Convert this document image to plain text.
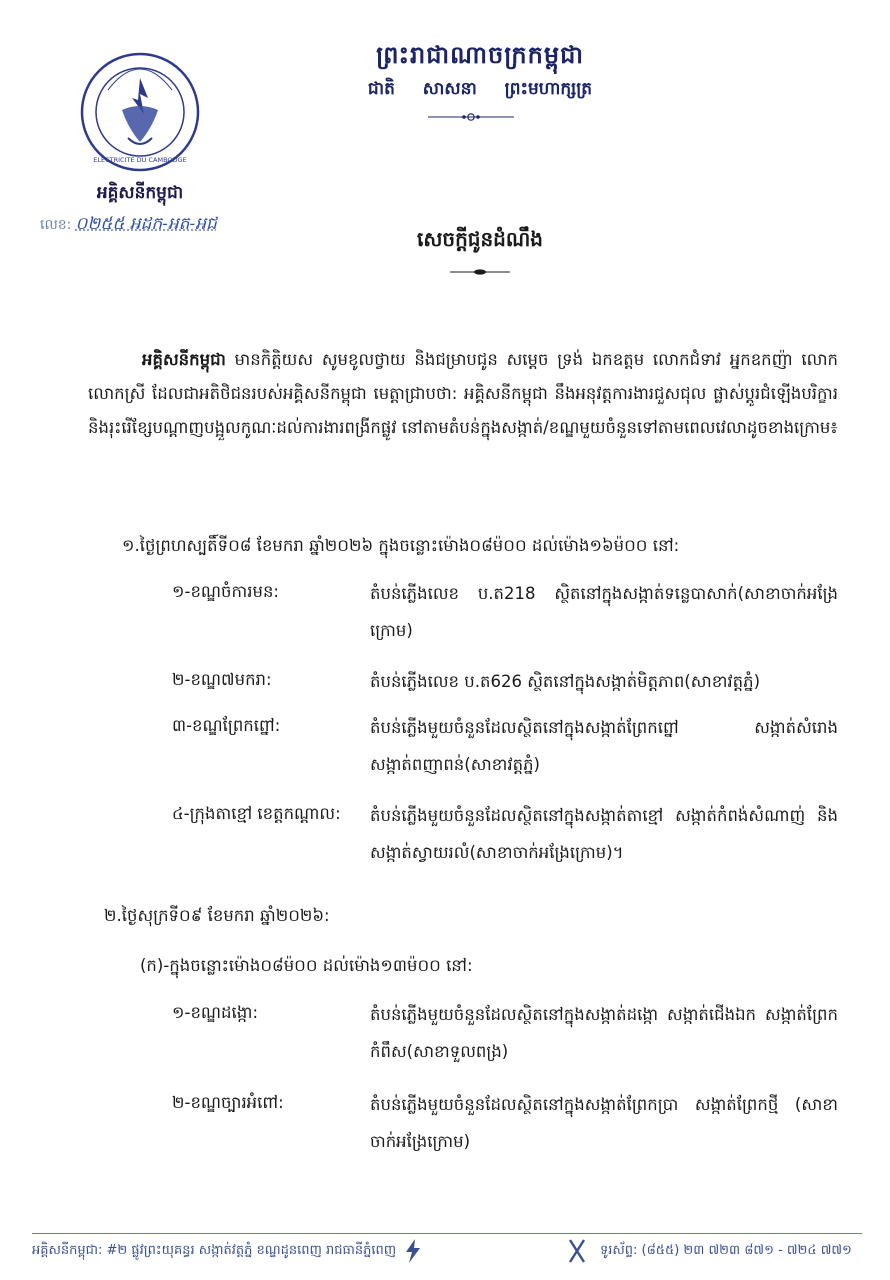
ELECTRICITE DU CAMBODGE
អគ្គិសនីកម្ពុជា
លេខ: ០២៥៥ អដក-អត-អជ
ព្រះរាជាណាចក្រកម្ពុជា
ជាតិ សាសនា ព្រះមហាក្សត្រ
សេចក្តីជូនដំណឹង
អគ្គិសនីកម្ពុជា មានកិត្តិយស សូមខូលថ្វាយ និងជម្រាបជូន សម្តេច ទ្រង់ ឯកឧត្តម លោកជំទាវ អ្នកឧកញ៉ា លោក លោកស្រី ដែលជាអតិថិជនរបស់អគ្គិសនីកម្ពុជា មេត្តាជ្រាបថា: អគ្គិសនីកម្ពុជា នឹងអនុវត្តការងារជួសជុល ផ្លាស់ប្តូរជំឡើងបរិក្ខារ និងរុះរើខ្សែបណ្តាញបង្អួលកូណៈដល់ការងារពង្រីកផ្លូវ នៅតាមតំបន់ក្នុងសង្កាត់/ខណ្ឌមួយចំនួនទៅតាមពេលវេលាដូចខាងក្រោម៖
១.ថ្ងៃព្រហស្បតិ៍ទី០៨ ខែមករា ឆ្នាំ២០២៦ ក្នុងចន្លោះម៉ោង០៨ម៉០០ ដល់ម៉ោង១៦ម៉០០ នៅ:
១-ខណ្ឌចំការមន:	តំបន់ភ្លើងលេខ ប.ត218 ស្ថិតនៅក្នុងសង្កាត់ទន្លេបាសាក់(សាខាចាក់អង្រែក្រោម)
២-ខណ្ឌ៧មករា:	តំបន់ភ្លើងលេខ ប.ត626 ស្ថិតនៅក្នុងសង្កាត់មិត្តភាព(សាខាវត្តភ្នំ)
៣-ខណ្ឌព្រែកព្នៅ:	តំបន់ភ្លើងមួយចំនួនដែលស្ថិតនៅក្នុងសង្កាត់ព្រែកព្នៅ សង្កាត់សំរោង សង្កាត់ពញាពន់(សាខាវត្តភ្នំ)
៤-ក្រុងតាខ្មៅ ខេត្តកណ្តាល:	តំបន់ភ្លើងមួយចំនួនដែលស្ថិតនៅក្នុងសង្កាត់តាខ្មៅ សង្កាត់កំពង់សំណាញ់ និងសង្កាត់ស្វាយរលំ(សាខាចាក់អង្រែក្រោម)។
២.ថ្ងៃសុក្រទី០៩ ខែមករា ឆ្នាំ២០២៦:
(ក)-ក្នុងចន្លោះម៉ោង០៨ម៉០០ ដល់ម៉ោង១៣ម៉០០ នៅ:
១-ខណ្ឌដង្កោ:	តំបន់ភ្លើងមួយចំនួនដែលស្ថិតនៅក្នុងសង្កាត់ដង្កោ សង្កាត់ជើងឯក សង្កាត់ព្រែកកំពឹស(សាខាទួលពង្រ)
២-ខណ្ឌច្បារអំពៅ:	តំបន់ភ្លើងមួយចំនួនដែលស្ថិតនៅក្នុងសង្កាត់ព្រែកប្រា សង្កាត់ព្រែកថ្មី (សាខាចាក់អង្រែក្រោម)
អគ្គិសនីកម្ពុជា: #២ ផ្លូវព្រះយុគន្ធរ សង្កាត់វត្តភ្នំ ខណ្ឌដូនពេញ រាជធានីភ្នំពេញ	ទូរស័ព្ទ: (៨៥៥) ២៣ ៧២៣ ៨៧១ - ៧២៤ ៧៧១
